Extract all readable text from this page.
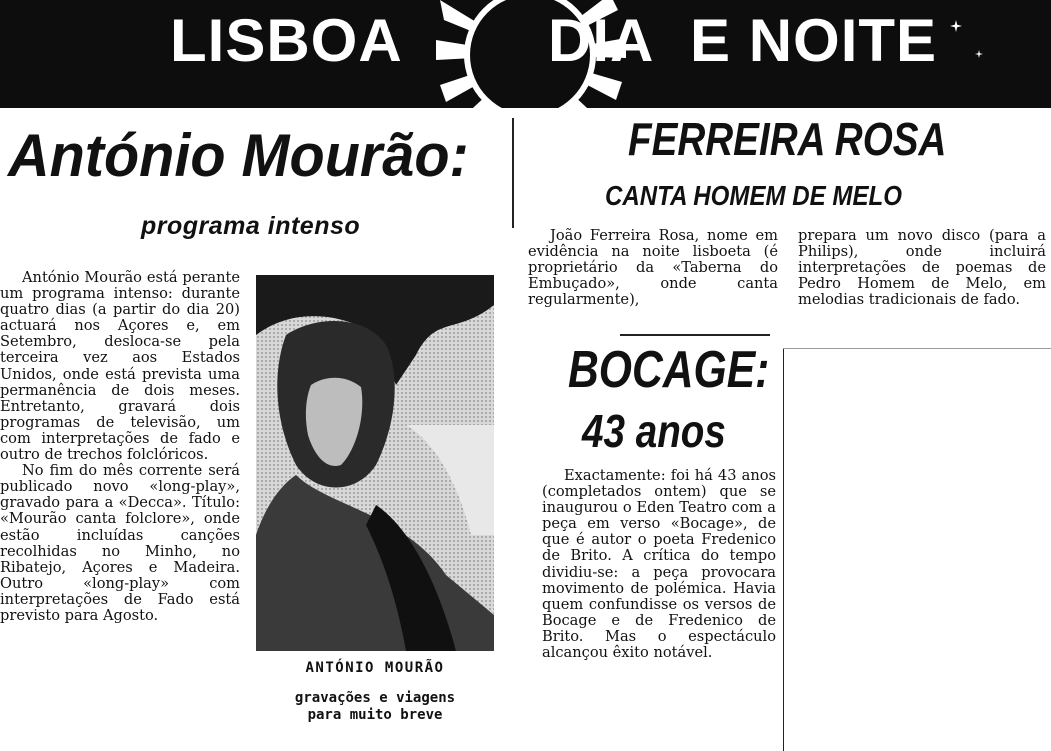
LISBOA DIA E NOITE
António Mourão:
programa intenso

António Mourão está perante um programa intenso: durante quatro dias (a partir do dia 20) actuará nos Açores e, em Setembro, desloca-se pela terceira vez aos Estados Unidos, onde está prevista uma permanência de dois meses. Entretanto, gravará dois programas de televisão, um com interpretações de fado e outro de trechos folclóricos.

No fim do mês corrente será publicado novo «long-play», gravado para a «Decca». Título: «Mourão canta folclore», onde estão incluídas canções recolhidas no Minho, no Ribatejo, Açores e Madeira. Outro «long-play» com interpretações de Fado está previsto para Agosto.

ANTÓNIO MOURÃO

gravações e viagens para muito breve

FERREIRA ROSA
CANTA HOMEM DE MELO

João Ferreira Rosa, nome em evidência na noite lisboeta (é proprietário da «Taberna do Embuçado», onde canta regularmente),

prepara um novo disco (para a Philips), onde incluirá interpretações de poemas de Pedro Homem de Melo, em melodias tradicionais de fado.

BOCAGE:
43 anos

Exactamente: foi há 43 anos (completados ontem) que se inaugurou o Eden Teatro com a peça em verso «Bocage», de que é autor o poeta Fredenico de Brito. A crítica do tempo dividiu-se: a peça provocara movimento de polémica. Havia quem confundisse os versos de Bocage e de Fredenico de Brito. Mas o espectáculo alcançou êxito notável.
